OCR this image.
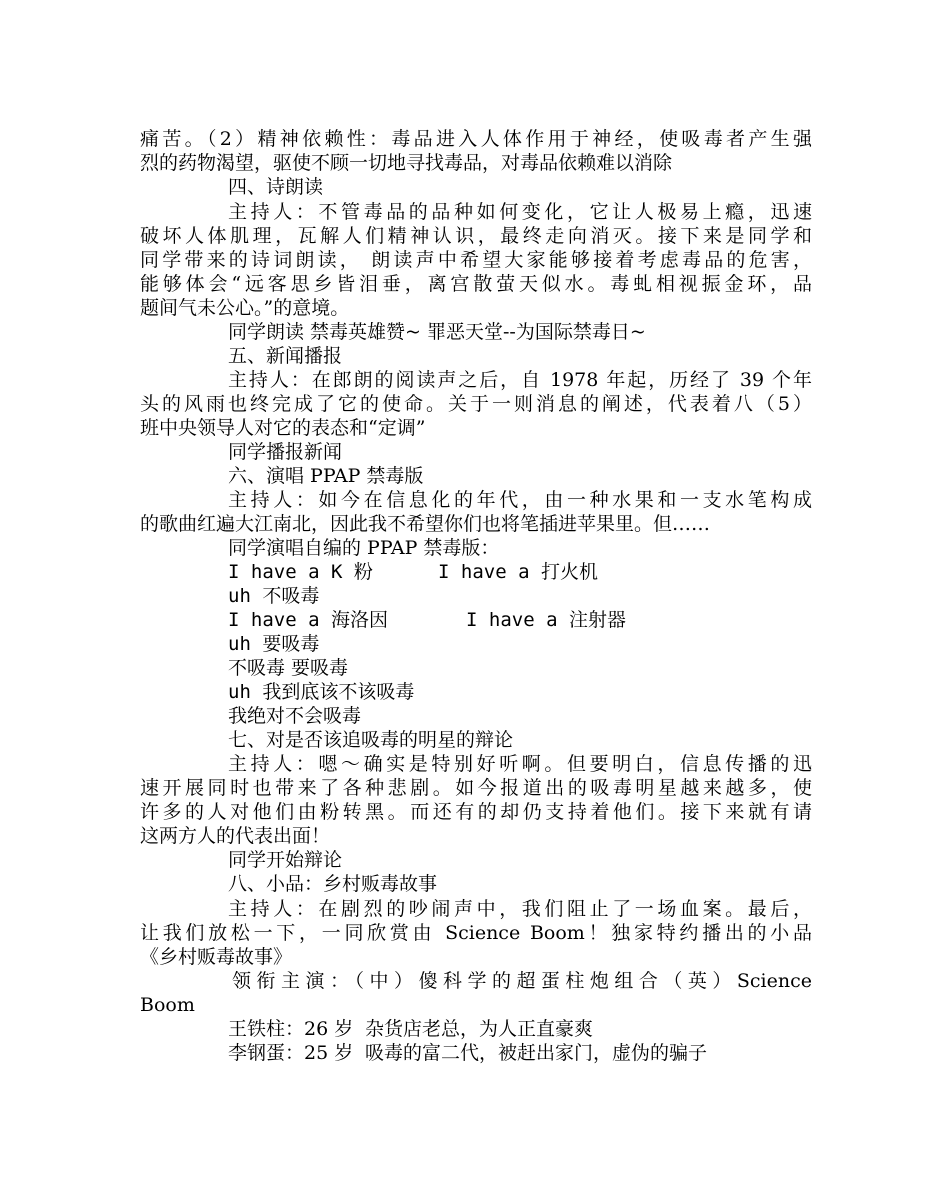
痛苦。（2）精神依赖性：毒品进入人体作用于神经，使吸毒者产生强
烈的药物渴望，驱使不顾一切地寻找毒品，对毒品依赖难以消除
四、诗朗读
主持人：不管毒品的品种如何变化，它让人极易上瘾，迅速
破坏人体肌理，瓦解人们精神认识，最终走向消灭。接下来是同学和
同学带来的诗词朗读， 朗读声中希望大家能够接着考虑毒品的危害，
能够体会“远客思乡皆泪垂，离宫散萤天似水。毒虬相视振金环，品
题间气未公心。”的意境。
同学朗读 禁毒英雄赞~ 罪恶天堂--为国际禁毒日~
五、新闻播报
主持人：在郎朗的阅读声之后，自 1978 年起，历经了 39 个年
头的风雨也终完成了它的使命。关于一则消息的阐述，代表着八（5）
班中央领导人对它的表态和“定调”
同学播报新闻
六、演唱 PPAP 禁毒版
主持人：如今在信息化的年代，由一种水果和一支水笔构成
的歌曲红遍大江南北，因此我不希望你们也将笔插进苹果里。但……
同学演唱自编的 PPAP 禁毒版：
I have a K 粉	I have a 打火机
uh 不吸毒
I have a 海洛因	I have a 注射器
uh 要吸毒
不吸毒 要吸毒
uh 我到底该不该吸毒
我绝对不会吸毒
七、对是否该追吸毒的明星的辩论
主持人：嗯～确实是特别好听啊。但要明白，信息传播的迅
速开展同时也带来了各种悲剧。如今报道出的吸毒明星越来越多，使
许多的人对他们由粉转黑。而还有的却仍支持着他们。接下来就有请
这两方人的代表出面！
同学开始辩论
八、小品：乡村贩毒故事
主持人：在剧烈的吵闹声中，我们阻止了一场血案。最后，
让我们放松一下，一同欣赏由 Science Boom！独家特约播出的小品
《乡村贩毒故事》
领衔主演：（中）傻科学的超蛋柱炮组合（英）Science
Boom
王铁柱：26 岁 杂货店老总，为人正直豪爽
李钢蛋：25 岁 吸毒的富二代，被赶出家门，虚伪的骗子
